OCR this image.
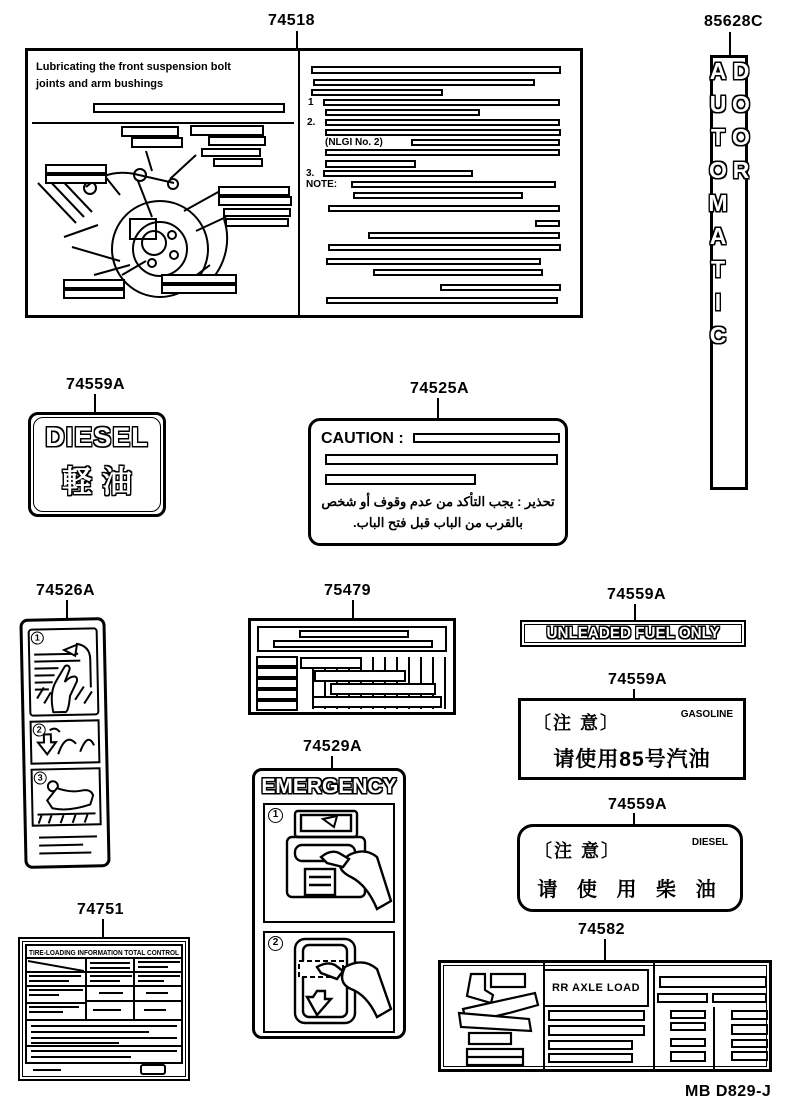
74518	85628C
74559A	74525A
74526A	75479
74529A
74559A
74559A
74559A
74751
74582
Lubricating the front suspension bolt
joints and arm bushings
1
2.
(NLGI No. 2)
3.
NOTE:	AUTOMATIC DOOR
DIESEL
軽油
CAUTION :
تحذير : يجب التأكد من عدم وقوف أو شخص
بالقرب من الباب قبل فتح الباب.
1
2
3	EMERGENCY
1
2
UNLEADED FUEL ONLY
〔注 意〕	GASOLINE
请使用85号汽油
〔注 意〕	DIESEL
请 使 用 柴 油
TIRE-LOADING INFORMATION TOTAL CONTROL
RR AXLE LOAD
MB D829-J
